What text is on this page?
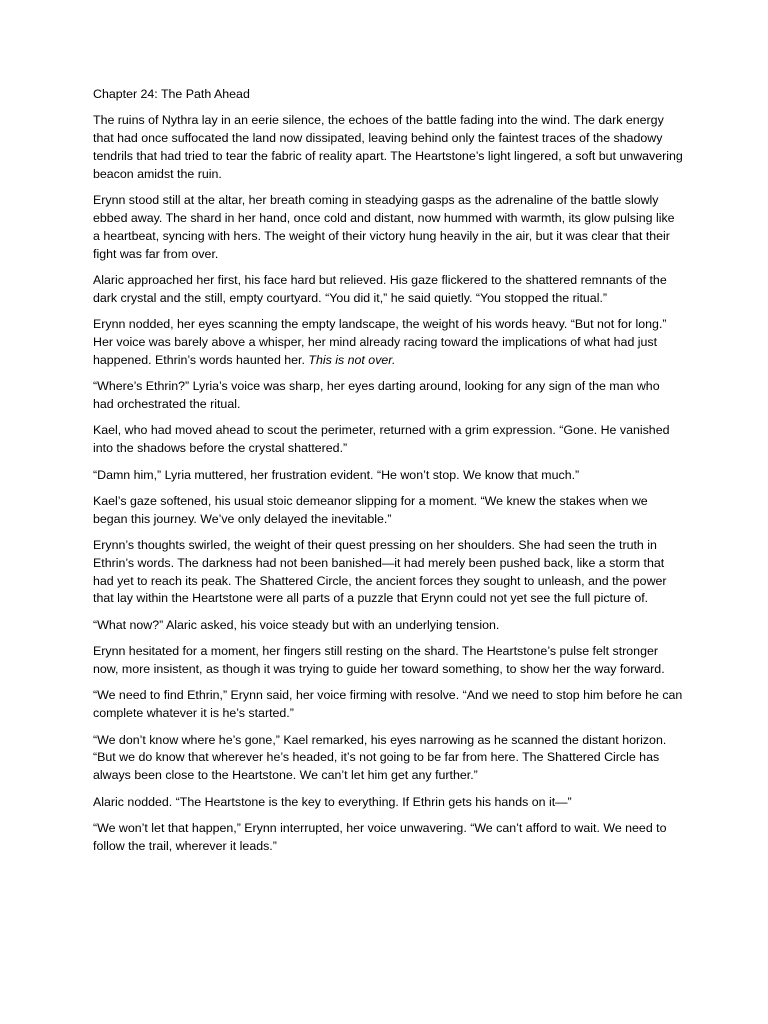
Chapter 24: The Path Ahead

The ruins of Nythra lay in an eerie silence, the echoes of the battle fading into the wind. The dark energy that had once suffocated the land now dissipated, leaving behind only the faintest traces of the shadowy tendrils that had tried to tear the fabric of reality apart. The Heartstone’s light lingered, a soft but unwavering beacon amidst the ruin.

Erynn stood still at the altar, her breath coming in steadying gasps as the adrenaline of the battle slowly ebbed away. The shard in her hand, once cold and distant, now hummed with warmth, its glow pulsing like a heartbeat, syncing with hers. The weight of their victory hung heavily in the air, but it was clear that their fight was far from over.

Alaric approached her first, his face hard but relieved. His gaze flickered to the shattered remnants of the dark crystal and the still, empty courtyard. “You did it,” he said quietly. “You stopped the ritual.”

Erynn nodded, her eyes scanning the empty landscape, the weight of his words heavy. “But not for long.” Her voice was barely above a whisper, her mind already racing toward the implications of what had just happened. Ethrin’s words haunted her. This is not over.

“Where’s Ethrin?” Lyria’s voice was sharp, her eyes darting around, looking for any sign of the man who had orchestrated the ritual.

Kael, who had moved ahead to scout the perimeter, returned with a grim expression. “Gone. He vanished into the shadows before the crystal shattered.”

“Damn him,” Lyria muttered, her frustration evident. “He won’t stop. We know that much.”

Kael’s gaze softened, his usual stoic demeanor slipping for a moment. “We knew the stakes when we began this journey. We’ve only delayed the inevitable.”

Erynn’s thoughts swirled, the weight of their quest pressing on her shoulders. She had seen the truth in Ethrin’s words. The darkness had not been banished—it had merely been pushed back, like a storm that had yet to reach its peak. The Shattered Circle, the ancient forces they sought to unleash, and the power that lay within the Heartstone were all parts of a puzzle that Erynn could not yet see the full picture of.

“What now?” Alaric asked, his voice steady but with an underlying tension.

Erynn hesitated for a moment, her fingers still resting on the shard. The Heartstone’s pulse felt stronger now, more insistent, as though it was trying to guide her toward something, to show her the way forward.

“We need to find Ethrin,” Erynn said, her voice firming with resolve. “And we need to stop him before he can complete whatever it is he’s started.”

“We don’t know where he’s gone,” Kael remarked, his eyes narrowing as he scanned the distant horizon. “But we do know that wherever he’s headed, it’s not going to be far from here. The Shattered Circle has always been close to the Heartstone. We can’t let him get any further.”

Alaric nodded. “The Heartstone is the key to everything. If Ethrin gets his hands on it—”

“We won’t let that happen,” Erynn interrupted, her voice unwavering. “We can’t afford to wait. We need to follow the trail, wherever it leads.”
